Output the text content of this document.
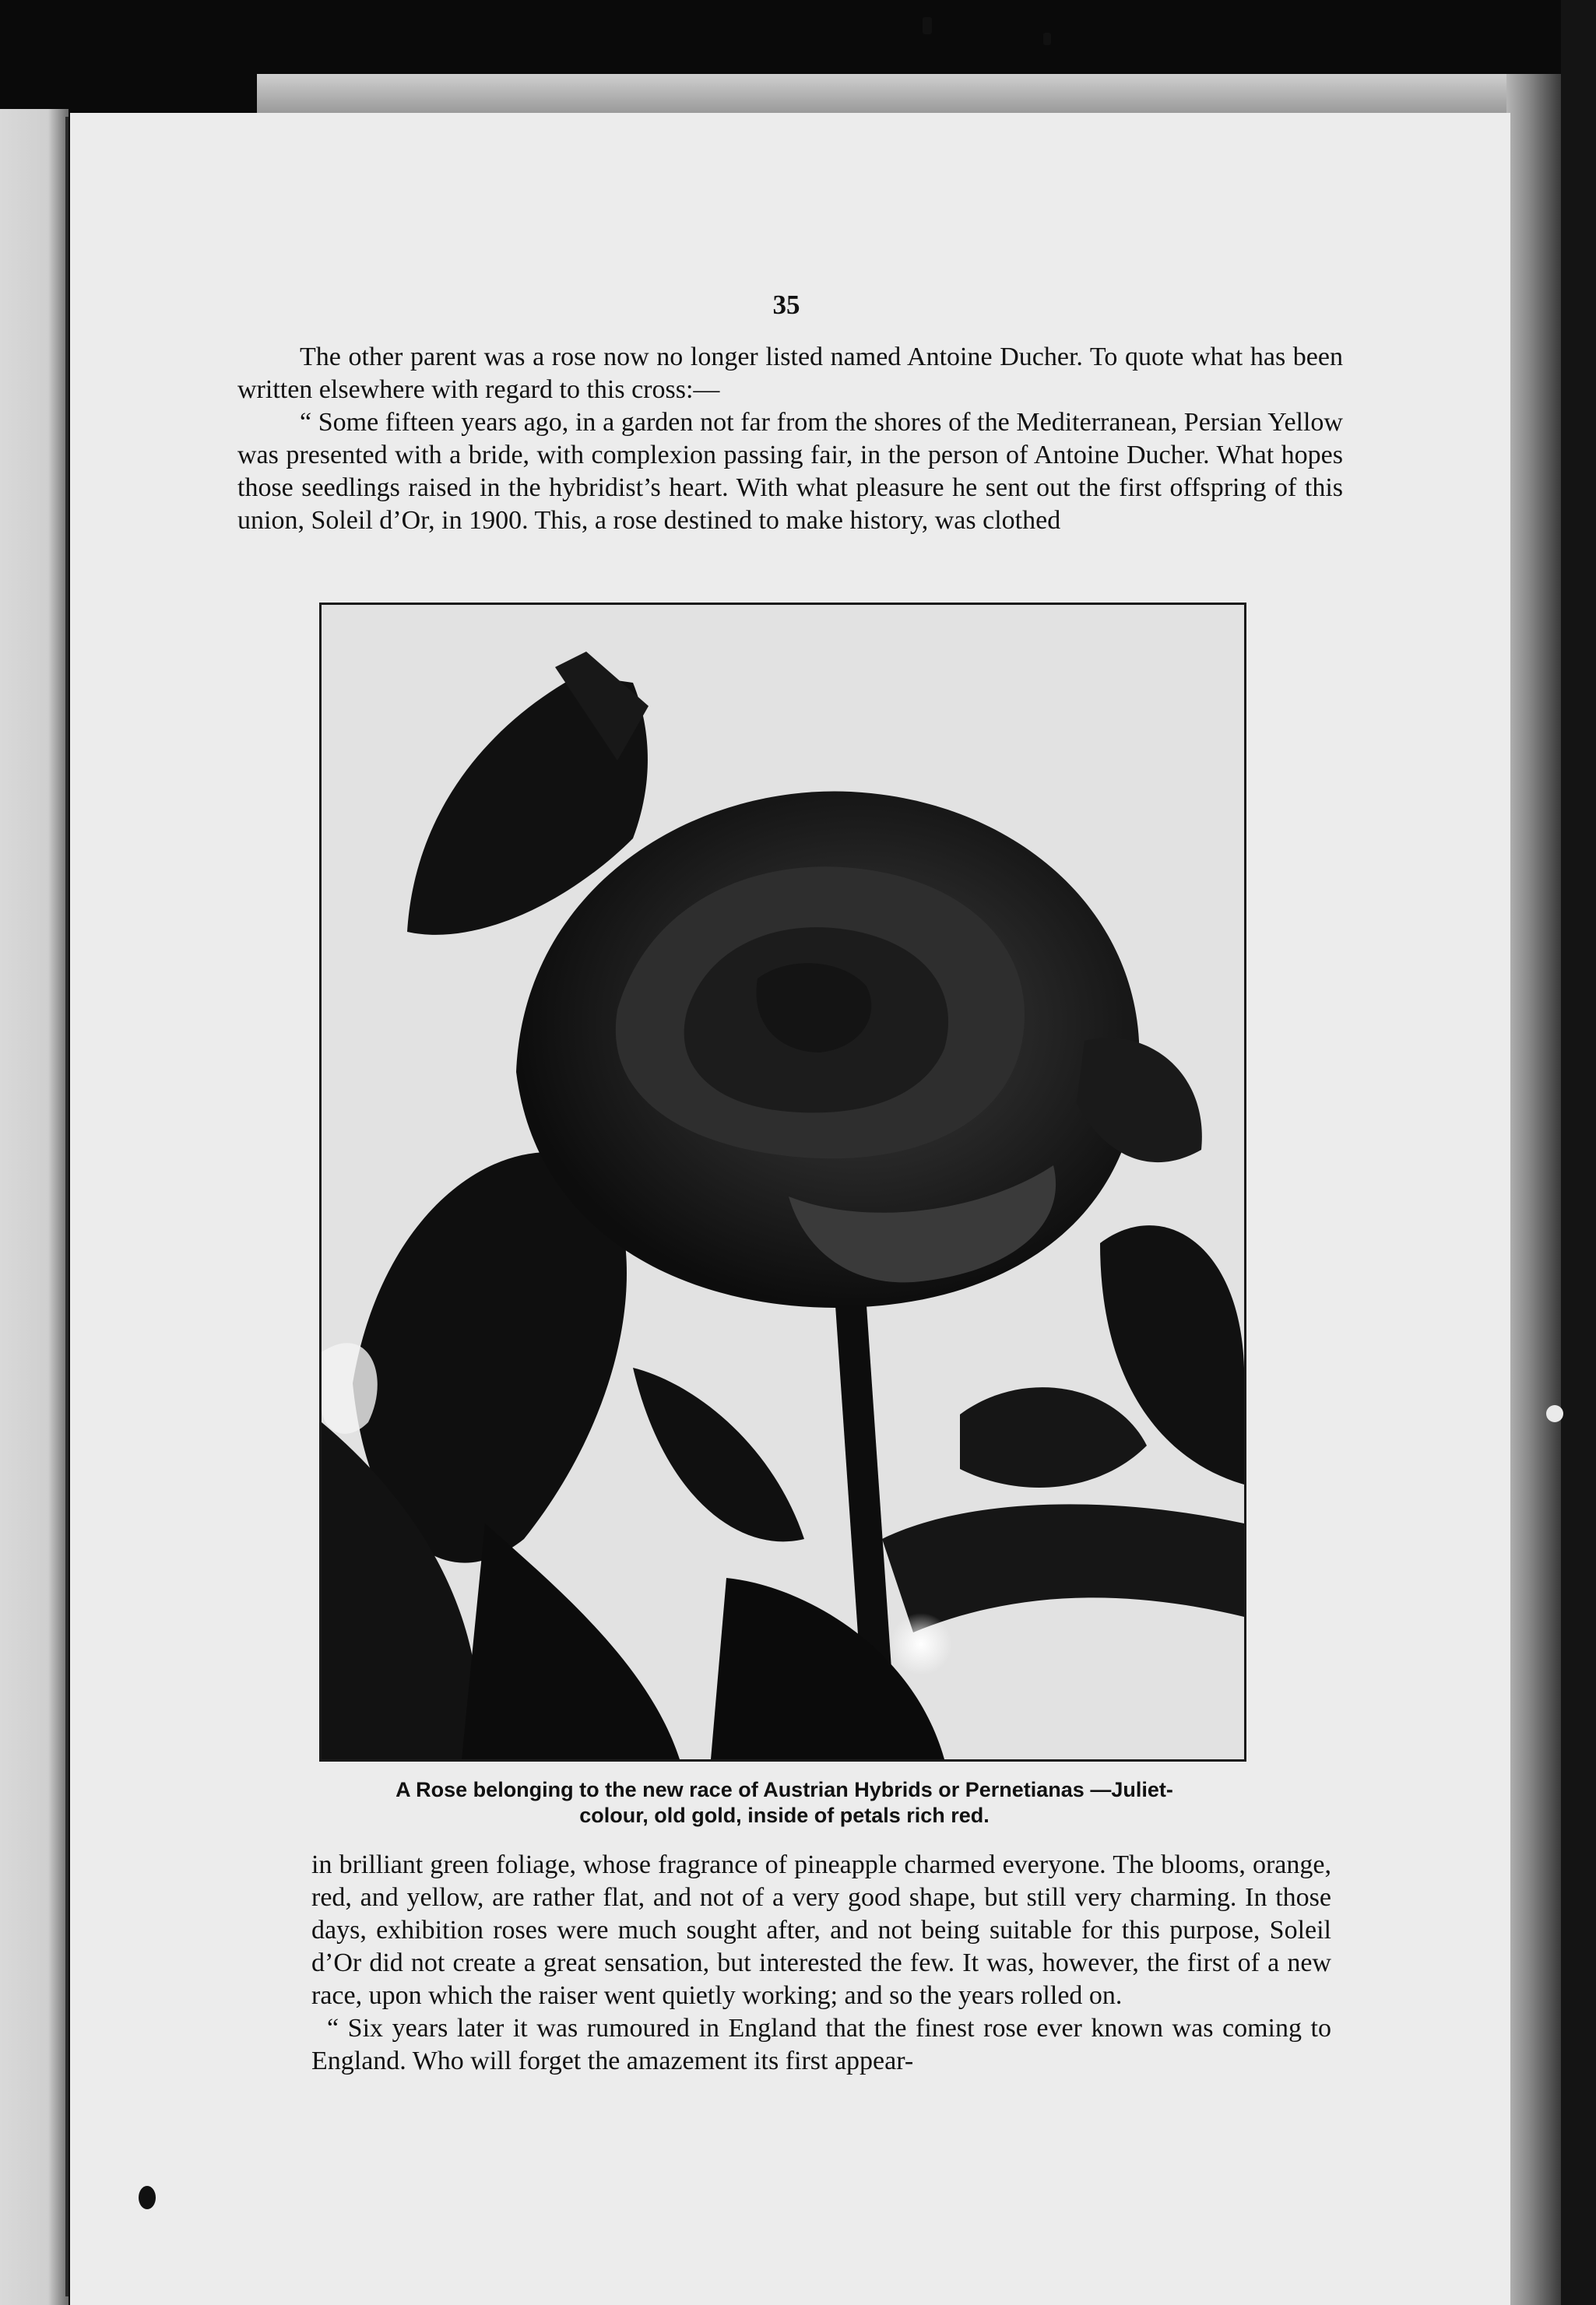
35

The other parent was a rose now no longer listed named Antoine Ducher. To quote what has been written elsewhere with regard to this cross:—

“ Some fifteen years ago, in a garden not far from the shores of the Mediterranean, Persian Yellow was presented with a bride, with complexion passing fair, in the person of Antoine Ducher. What hopes those seedlings raised in the hybridist’s heart. With what pleasure he sent out the first offspring of this union, Soleil d’Or, in 1900. This, a rose destined to make history, was clothed

A Rose belonging to the new race of Austrian Hybrids or Pernetianas —Juliet-
colour, old gold, inside of petals rich red.

in brilliant green foliage, whose fragrance of pineapple charmed everyone. The blooms, orange, red, and yellow, are rather flat, and not of a very good shape, but still very charming. In those days, exhibition roses were much sought after, and not being suitable for this purpose, Soleil d’Or did not create a great sensation, but interested the few. It was, however, the first of a new race, upon which the raiser went quietly working; and so the years rolled on.

“ Six years later it was rumoured in England that the finest rose ever known was coming to England. Who will forget the amazement its first appear-
